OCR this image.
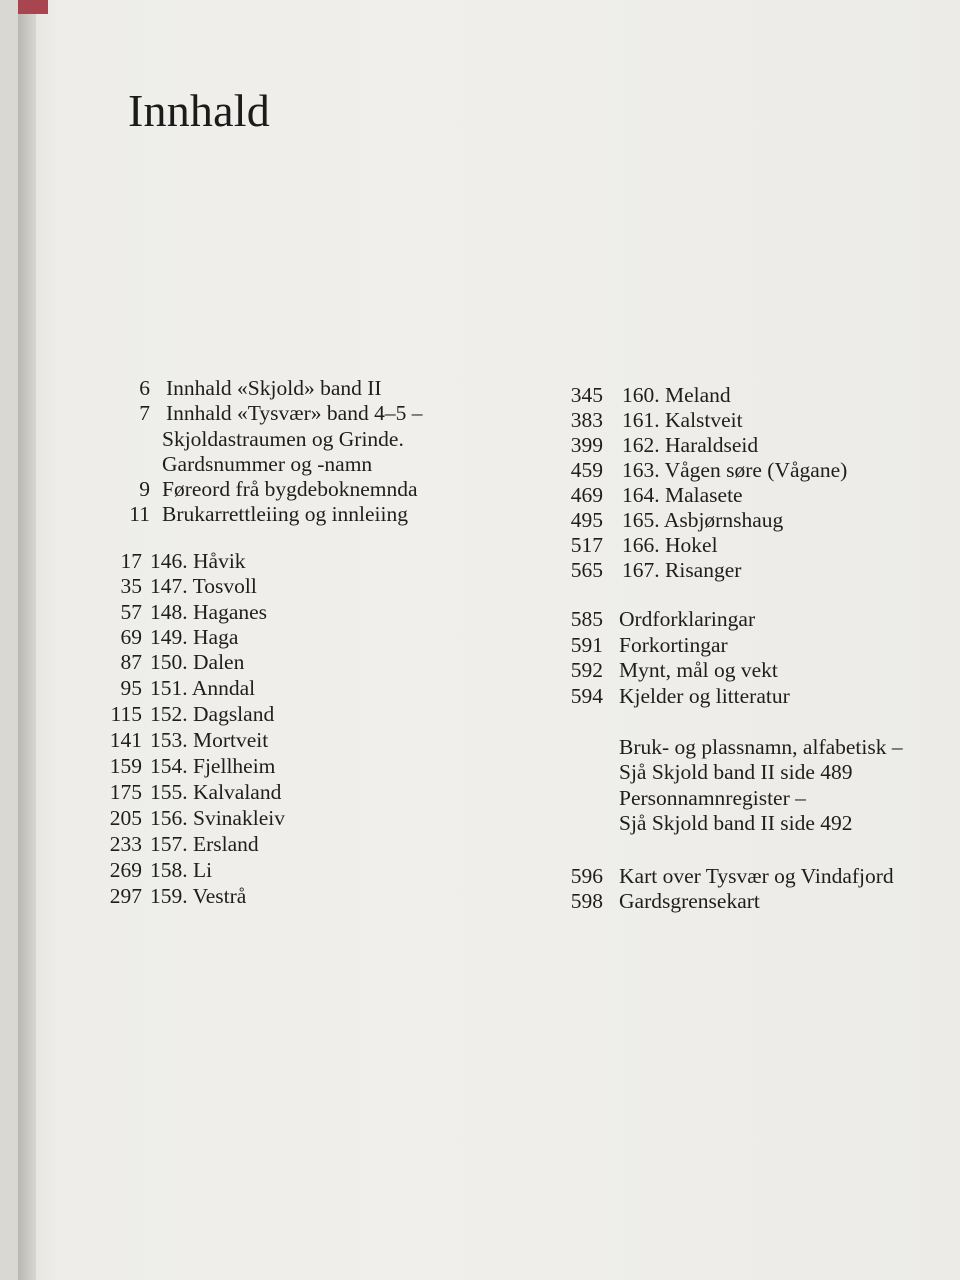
Innhald
6 Innhald «Skjold» band II
7 Innhald «Tysvær» band 4–5 –
Skjoldastraumen og Grinde.
Gardsnummer og -namn
9 Føreord frå bygdeboknemnda
11 Brukarrettleiing og innleiing
17 146. Håvik
35 147. Tosvoll
57 148. Haganes
69 149. Haga
87 150. Dalen
95 151. Anndal
115 152. Dagsland
141 153. Mortveit
159 154. Fjellheim
175 155. Kalvaland
205 156. Svinakleiv
233 157. Ersland
269 158. Li
297 159. Vestrå
345 160. Meland
383 161. Kalstveit
399 162. Haraldseid
459 163. Vågen søre (Vågane)
469 164. Malasete
495 165. Asbjørnshaug
517 166. Hokel
565 167. Risanger
585 Ordforklaringar
591 Forkortingar
592 Mynt, mål og vekt
594 Kjelder og litteratur
Bruk- og plassnamn, alfabetisk –
Sjå Skjold band II side 489
Personnamnregister –
Sjå Skjold band II side 492
596 Kart over Tysvær og Vindafjord
598 Gardsgrensekart
